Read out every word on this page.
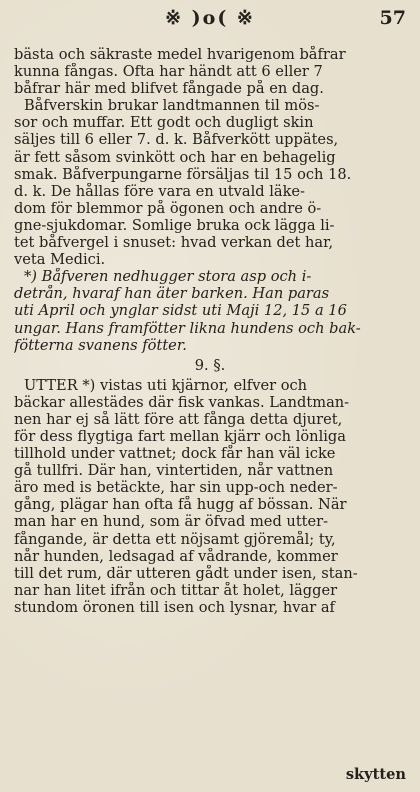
※ )o( ※	57
bästa och säkraste medel hvarigenom båfrar
kunna fångas. Ofta har händt att 6 eller 7
båfrar här med blifvet fångade på en dag.
Båfverskin brukar landtmannen til mös-
sor och muffar. Ett godt och dugligt skin
säljes till 6 eller 7. d. k. Båfverkött uppätes,
är fett såsom svinkött och har en behagelig
smak. Båfverpungarne försäljas til 15 och 18.
d. k. De hållas före vara en utvald läke-
dom för blemmor på ögonen och andre ö-
gne-sjukdomar. Somlige bruka ock lägga li-
tet båfvergel i snuset: hvad verkan det har,
veta Medici.
*) Båfveren nedhugger stora asp och i-
detrån, hvaraf han äter barken. Han paras
uti April och ynglar sidst uti Maji 12, 15 a 16
ungar. Hans framfötter likna hundens och bak-
fötterna svanens fötter.
9. §.
UTTER *) vistas uti kjärnor, elfver och
bäckar allestädes där fisk vankas. Landtman-
nen har ej så lätt före att fånga detta djuret,
för dess flygtiga fart mellan kjärr och lönliga
tillhold under vattnet; dock får han väl icke
gå tullfri. Där han, vintertiden, når vattnen
äro med is betäckte, har sin upp-och neder-
gång, plägar han ofta få hugg af bössan. När
man har en hund, som är öfvad med utter-
fångande, är detta ett nöjsamt gjöremål; ty,
når hunden, ledsagad af vådrande, kommer
till det rum, där utteren gådt under isen, stan-
nar han litet ifrån och tittar åt holet, lägger
stundom öronen till isen och lysnar, hvar af
skytten
